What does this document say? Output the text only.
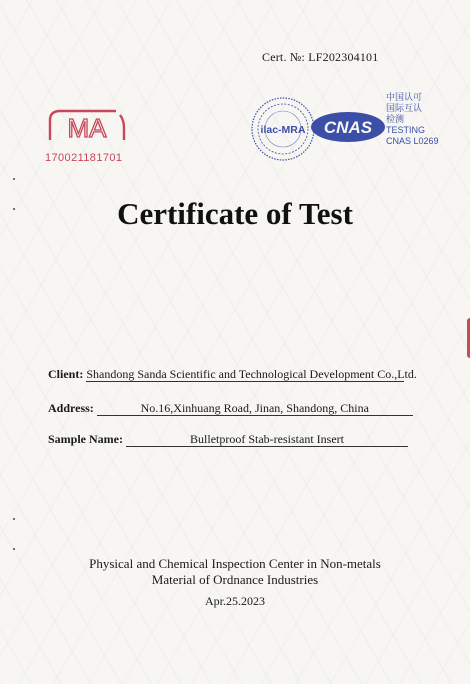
Cert. №: LF202304101
MA
170021181701
ilac-MRA CNAS
中国认可
国际互认
检测
TESTING
CNAS L0269
Certificate of Test
Client: Shandong Sanda Scientific and Technological Development Co.,Ltd.
Address:	No.16,Xinhuang Road, Jinan, Shandong, China
Sample Name:	Bulletproof Stab-resistant Insert
Physical and Chemical Inspection Center in Non-metals
Material of Ordnance Industries
Apr.25.2023
